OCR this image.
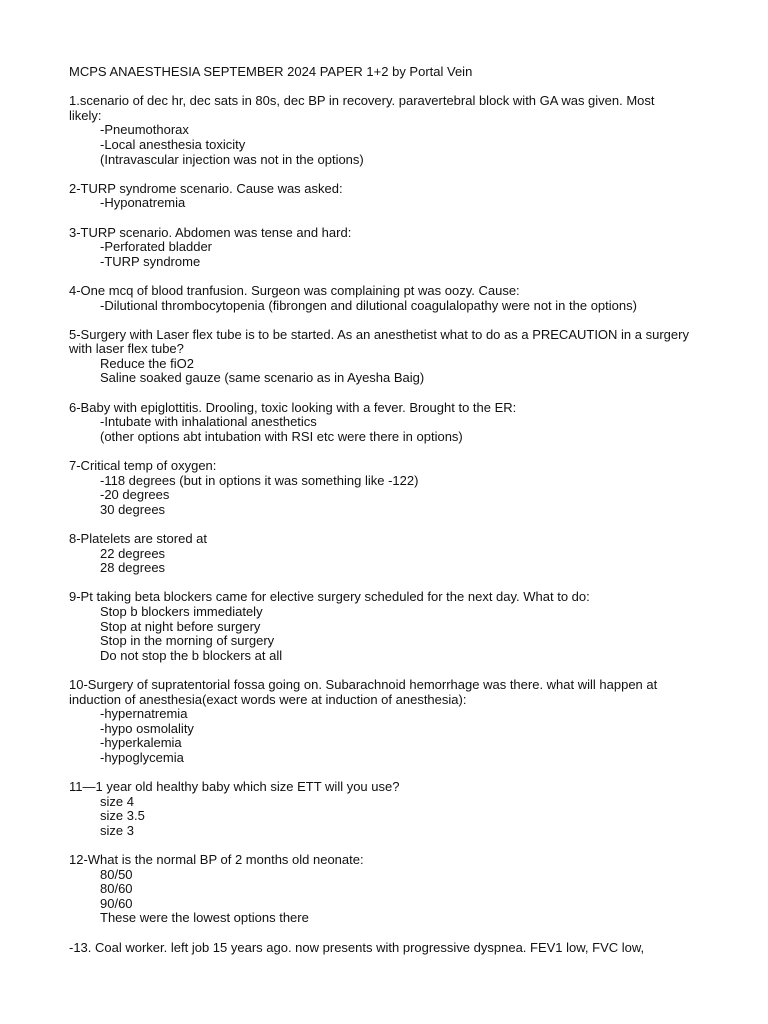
MCPS ANAESTHESIA SEPTEMBER 2024 PAPER 1+2 by Portal Vein
1.scenario of dec hr, dec sats in 80s, dec BP in recovery. paravertebral block with GA was given. Most likely:
-Pneumothorax
-Local anesthesia toxicity
(Intravascular injection was not in the options)
2-TURP syndrome scenario. Cause was asked:
-Hyponatremia
3-TURP scenario. Abdomen was tense and hard:
-Perforated bladder
-TURP syndrome
4-One mcq of blood tranfusion. Surgeon was complaining pt was oozy. Cause:
-Dilutional thrombocytopenia (fibrongen and dilutional coagulalopathy were not in the options)
5-Surgery with Laser flex tube is to be started. As an anesthetist what to do as a PRECAUTION in a surgery with laser flex tube?
Reduce the fiO2
Saline soaked gauze (same scenario as in Ayesha Baig)
6-Baby with epiglottitis. Drooling, toxic looking with a fever. Brought to the ER:
-Intubate with inhalational anesthetics
(other options abt intubation with RSI etc were there in options)
7-Critical temp of oxygen:
-118 degrees (but in options it was something like -122)
-20 degrees
30 degrees
8-Platelets are stored at
22 degrees
28 degrees
9-Pt taking beta blockers came for elective surgery scheduled for the next day. What to do:
Stop b blockers immediately
Stop at night before surgery
Stop in the morning of surgery
Do not stop the b blockers at all
10-Surgery of supratentorial fossa going on. Subarachnoid hemorrhage was there. what will happen at induction of anesthesia(exact words were at induction of anesthesia):
-hypernatremia
-hypo osmolality
-hyperkalemia
-hypoglycemia
11—1 year old healthy baby which size ETT will you use?
size 4
size 3.5
size 3
12-What is the normal BP of 2 months old neonate:
80/50
80/60
90/60
These were the lowest options there
-13. Coal worker. left job 15 years ago. now presents with progressive dyspnea. FEV1 low, FVC low,
